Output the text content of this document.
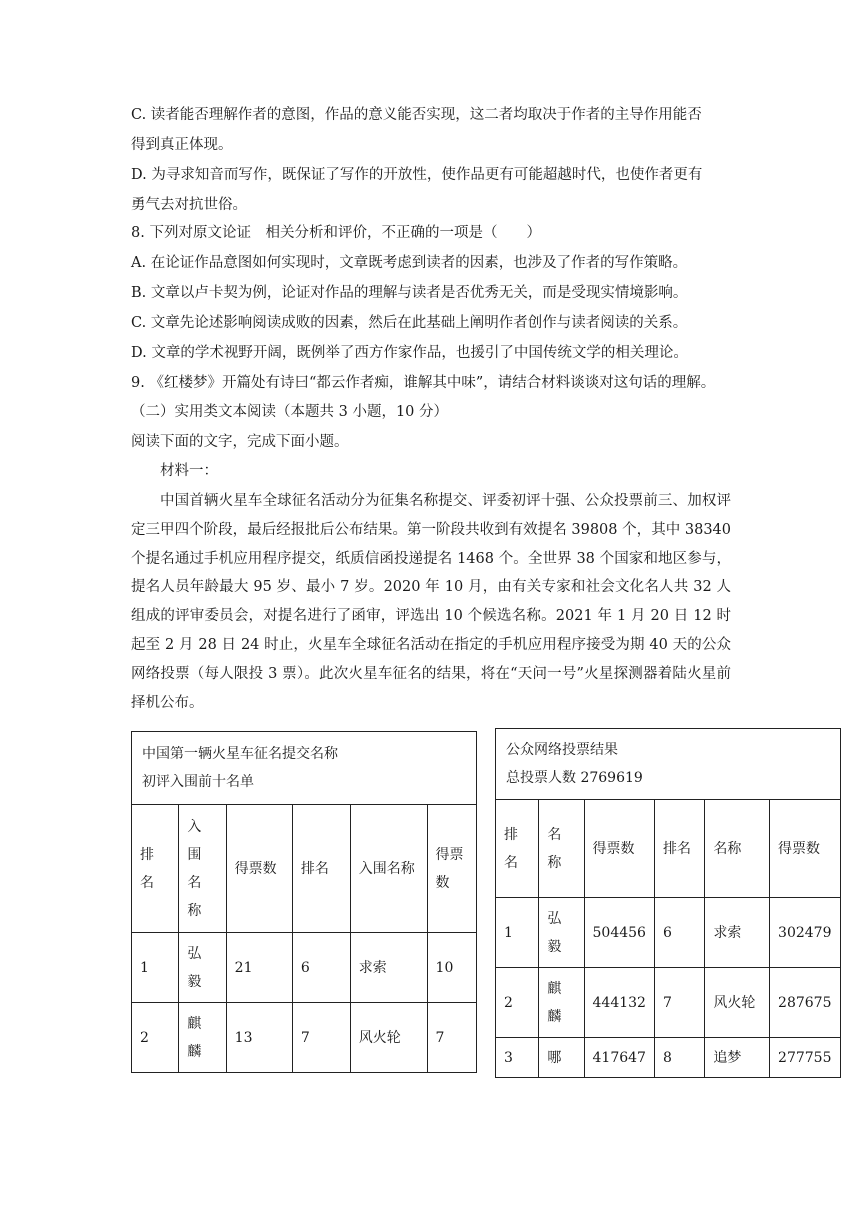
C. 读者能否理解作者的意图，作品的意义能否实现，这二者均取决于作者的主导作用能否
得到真正体现。
D. 为寻求知音而写作，既保证了写作的开放性，使作品更有可能超越时代，也使作者更有
勇气去对抗世俗。
8. 下列对原文论证　相关分析和评价，不正确的一项是（　　）
A. 在论证作品意图如何实现时，文章既考虑到读者的因素，也涉及了作者的写作策略。
B. 文章以卢卡契为例，论证对作品的理解与读者是否优秀无关，而是受现实情境影响。
C. 文章先论述影响阅读成败的因素，然后在此基础上阐明作者创作与读者阅读的关系。
D. 文章的学术视野开阔，既例举了西方作家作品，也援引了中国传统文学的相关理论。
9. 《红楼梦》开篇处有诗曰“都云作者痴，谁解其中味”，请结合材料谈谈对这句话的理解。
（二）实用类文本阅读（本题共 3 小题，10 分）
阅读下面的文字，完成下面小题。
材料一：

中国首辆火星车全球征名活动分为征集名称提交、评委初评十强、公众投票前三、加权评定三甲四个阶段，最后经报批后公布结果。第一阶段共收到有效提名 39808 个，其中 38340 个提名通过手机应用程序提交，纸质信函投递提名 1468 个。全世界 38 个国家和地区参与，提名人员年龄最大 95 岁、最小 7 岁。2020 年 10 月，由有关专家和社会文化名人共 32 人组成的评审委员会，对提名进行了函审，评选出 10 个候选名称。2021 年 1 月 20 日 12 时起至 2 月 28 日 24 时止，火星车全球征名活动在指定的手机应用程序接受为期 40 天的公众网络投票（每人限投 3 票）。此次火星车征名的结果，将在“天问一号”火星探测器着陆火星前择机公布。

中国第一辆火星车征名提交名称
初评入围前十名单					

排名	入围名称	得票数	排名	入围名称	得票数

1	弘毅	21	6	求索	10
2	麒麟	13	7	风火轮	7
公众网络投票结果
总投票人数 2769619					

排名	名称	得票数	排名	名称	得票数
1	弘毅	504456	6	求索	302479
2	麒麟	444132	7	风火轮	287675
3	哪	417647	8	追梦	277755
